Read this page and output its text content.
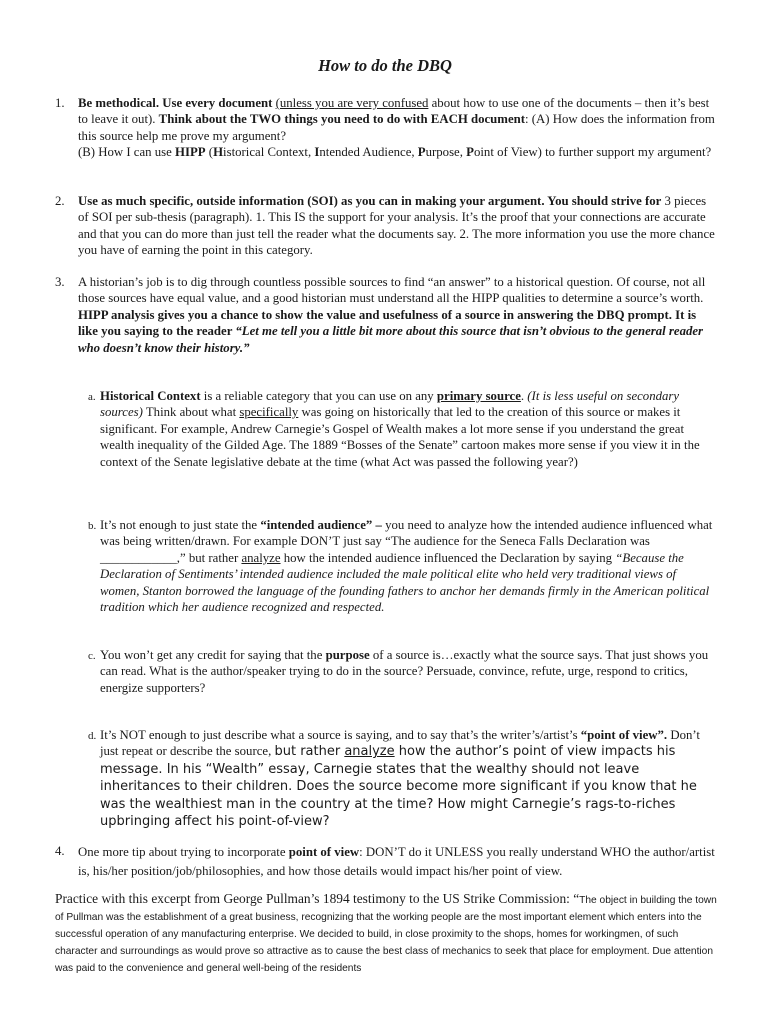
How to do the DBQ
1.	Be methodical. Use every document (unless you are very confused about how to use one of the documents – then it’s best to leave it out). Think about the TWO things you need to do with EACH document: (A) How does the information from this source help me prove my argument?
(B) How I can use HIPP (Historical Context, Intended Audience, Purpose, Point of View) to further support my argument?
2.	Use as much specific, outside information (SOI) as you can in making your argument. You should strive for 3 pieces of SOI per sub-thesis (paragraph). 1. This IS the support for your analysis. It’s the proof that your connections are accurate and that you can do more than just tell the reader what the documents say. 2. The more information you use the more chance you have of earning the point in this category.
3.	A historian’s job is to dig through countless possible sources to find “an answer” to a historical question. Of course, not all those sources have equal value, and a good historian must understand all the HIPP qualities to determine a source’s worth. HIPP analysis gives you a chance to show the value and usefulness of a source in answering the DBQ prompt. It is like you saying to the reader “Let me tell you a little bit more about this source that isn’t obvious to the general reader who doesn’t know their history.”
a. Historical Context is a reliable category that you can use on any primary source. (It is less useful on secondary sources) Think about what specifically was going on historically that led to the creation of this source or makes it significant. For example, Andrew Carnegie’s Gospel of Wealth makes a lot more sense if you understand the great wealth inequality of the Gilded Age. The 1889 “Bosses of the Senate” cartoon makes more sense if you view it in the context of the Senate legislative debate at the time (what Act was passed the following year?)
b. It’s not enough to just state the “intended audience” – you need to analyze how the intended audience influenced what was being written/drawn. For example DON’T just say “The audience for the Seneca Falls Declaration was ____________,” but rather analyze how the intended audience influenced the Declaration by saying “Because the Declaration of Sentiments’ intended audience included the male political elite who held very traditional views of women, Stanton borrowed the language of the founding fathers to anchor her demands firmly in the American political tradition which her audience recognized and respected.
c. You won’t get any credit for saying that the purpose of a source is…exactly what the source says. That just shows you can read. What is the author/speaker trying to do in the source? Persuade, convince, refute, urge, respond to critics, energize supporters?
d. It’s NOT enough to just describe what a source is saying, and to say that’s the writer’s/artist’s “point of view”. Don’t just repeat or describe the source, but rather analyze how the author’s point of view impacts his message. In his “Wealth” essay, Carnegie states that the wealthy should not leave inheritances to their children. Does the source become more significant if you know that he was the wealthiest man in the country at the time? How might Carnegie’s rags-to-riches upbringing affect his point-of-view?
4.	One more tip about trying to incorporate point of view: DON’T do it UNLESS you really understand WHO the author/artist is, his/her position/job/philosophies, and how those details would impact his/her point of view.
Practice with this excerpt from George Pullman’s 1894 testimony to the US Strike Commission: “The object in building the town of Pullman was the establishment of a great business, recognizing that the working people are the most important element which enters into the successful operation of any manufacturing enterprise. We decided to build, in close proximity to the shops, homes for workingmen, of such character and surroundings as would prove so attractive as to cause the best class of mechanics to seek that place for employment. Due attention was paid to the convenience and general well-being of the residents
